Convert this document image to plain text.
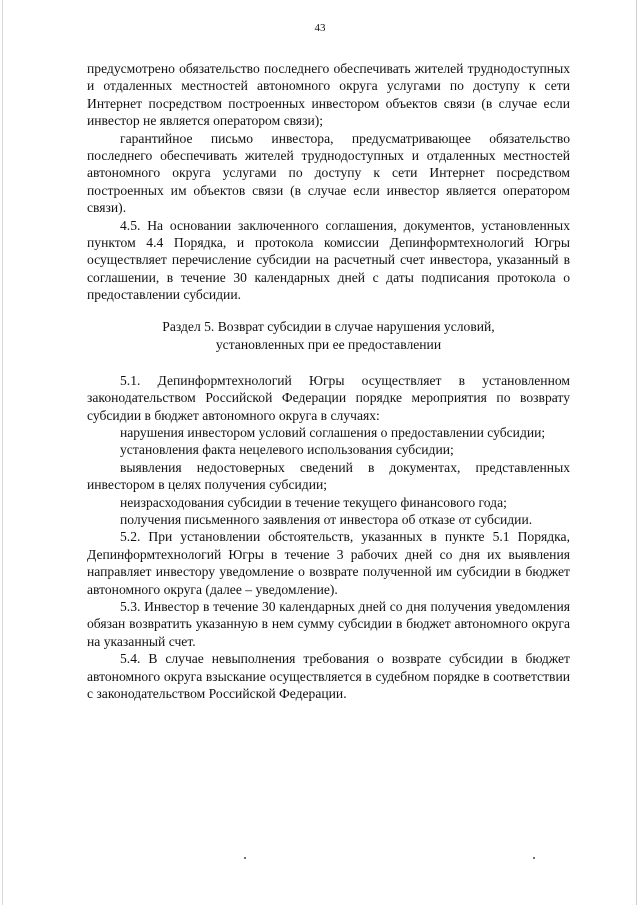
43

предусмотрено обязательство последнего обеспечивать жителей труднодоступных и отдаленных местностей автономного округа услугами по доступу к сети Интернет посредством построенных инвестором объектов связи (в случае если инвестор не является оператором связи);

гарантийное письмо инвестора, предусматривающее обязательство последнего обеспечивать жителей труднодоступных и отдаленных местностей автономного округа услугами по доступу к сети Интернет посредством построенных им объектов связи (в случае если инвестор является оператором связи).

4.5. На основании заключенного соглашения, документов, установленных пунктом 4.4 Порядка, и протокола комиссии Депинформтехнологий Югры осуществляет перечисление субсидии на расчетный счет инвестора, указанный в соглашении, в течение 30 календарных дней с даты подписания протокола о предоставлении субсидии.

Раздел 5. Возврат субсидии в случае нарушения условий,
установленных при ее предоставлении

5.1. Депинформтехнологий Югры осуществляет в установленном законодательством Российской Федерации порядке мероприятия по возврату субсидии в бюджет автономного округа в случаях:

нарушения инвестором условий соглашения о предоставлении субсидии;

установления факта нецелевого использования субсидии;

выявления недостоверных сведений в документах, представленных инвестором в целях получения субсидии;

неизрасходования субсидии в течение текущего финансового года;

получения письменного заявления от инвестора об отказе от субсидии.

5.2. При установлении обстоятельств, указанных в пункте 5.1 Порядка, Депинформтехнологий Югры в течение 3 рабочих дней со дня их выявления направляет инвестору уведомление о возврате полученной им субсидии в бюджет автономного округа (далее – уведомление).

5.3. Инвестор в течение 30 календарных дней со дня получения уведомления обязан возвратить указанную в нем сумму субсидии в бюджет автономного округа на указанный счет.

5.4. В случае невыполнения требования о возврате субсидии в бюджет автономного округа взыскание осуществляется в судебном порядке в соответствии с законодательством Российской Федерации.
